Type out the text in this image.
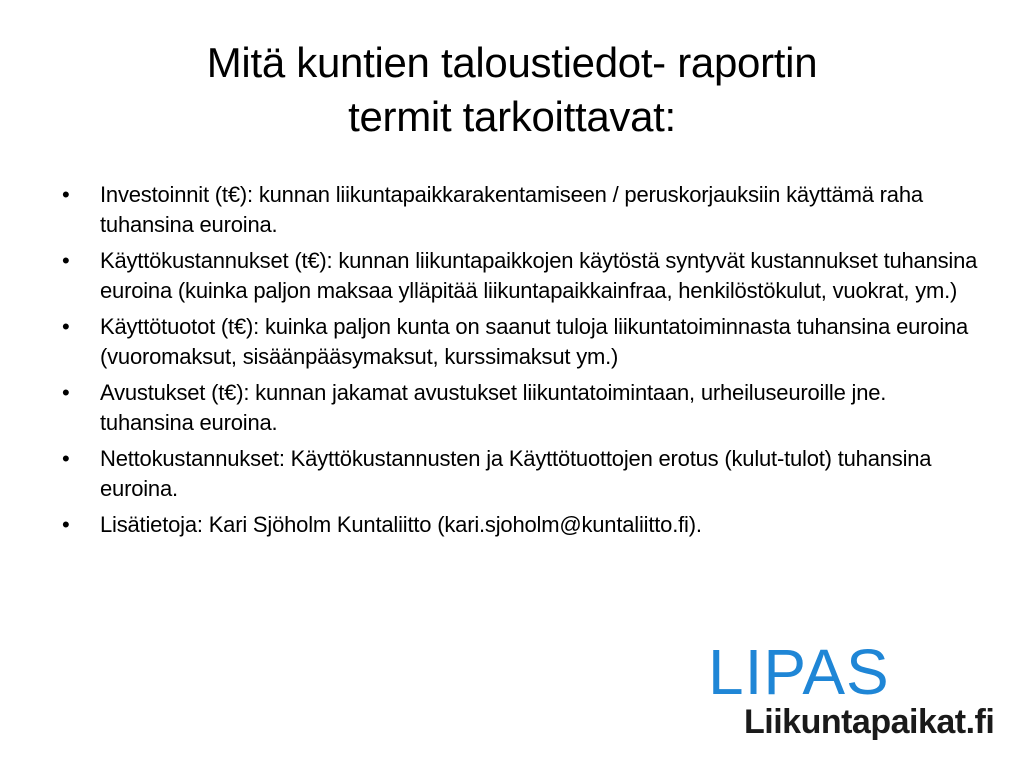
Mitä kuntien taloustiedot- raportin
termit tarkoittavat:
• Investoinnit (t€): kunnan liikuntapaikkarakentamiseen / peruskorjauksiin käyttämä raha tuhansina euroina.
• Käyttökustannukset (t€): kunnan liikuntapaikkojen käytöstä syntyvät kustannukset tuhansina euroina (kuinka paljon maksaa ylläpitää liikuntapaikkainfraa, henkilöstökulut, vuokrat, ym.)
• Käyttötuotot (t€): kuinka paljon kunta on saanut tuloja liikuntatoiminnasta tuhansina euroina (vuoromaksut, sisäänpääsymaksut, kurssimaksut ym.)
• Avustukset (t€): kunnan jakamat avustukset liikuntatoimintaan, urheiluseuroille jne. tuhansina euroina.
• Nettokustannukset: Käyttökustannusten ja Käyttötuottojen erotus (kulut-tulot) tuhansina euroina.
• Lisätietoja: Kari Sjöholm Kuntaliitto (kari.sjoholm@kuntaliitto.fi).
LIPAS
Liikuntapaikat.fi
